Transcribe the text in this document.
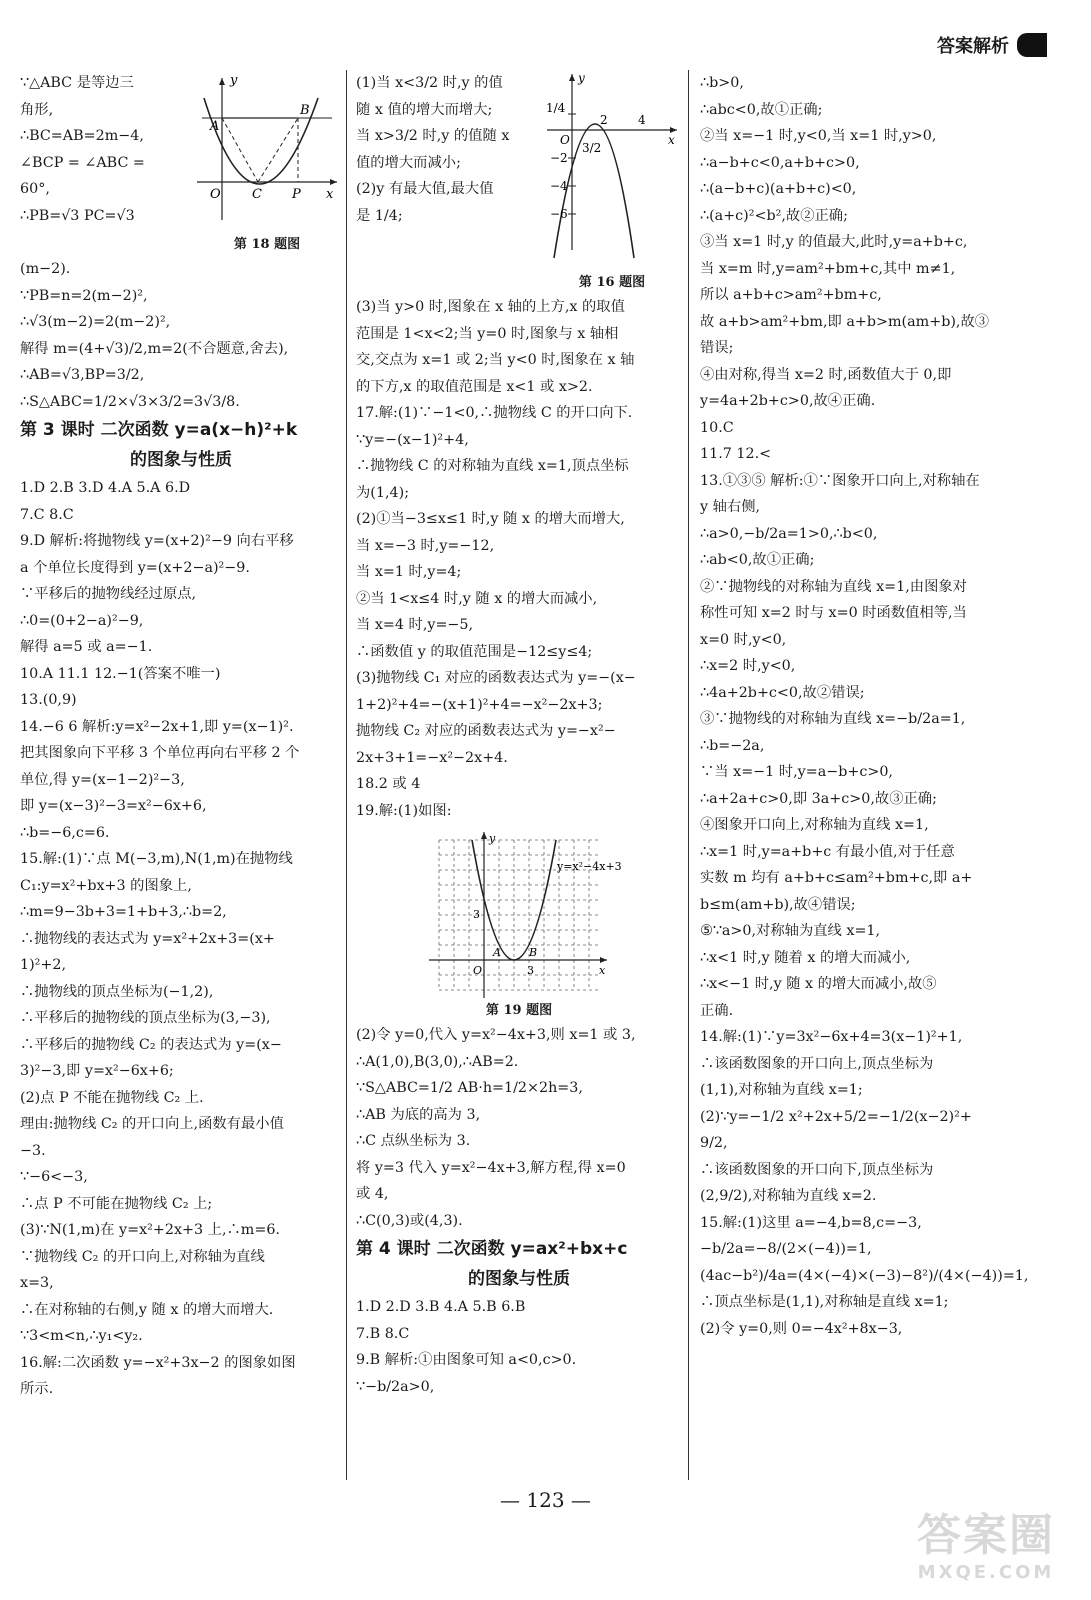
答案解析
∵△ABC 是等边三
角形,
∴BC=AB=2m−4,
∠BCP = ∠ABC =
60°,
∴PB=√3 PC=√3
y
A
B
O C P x
第 18 题图
(m−2).
∵PB=n=2(m−2)²,
∴√3(m−2)=2(m−2)²,
解得 m=(4+√3)/2,m=2(不合题意,舍去),
∴AB=√3,BP=3/2,
∴S△ABC=1/2×√3×3/2=3√3/8.
第 3 课时 二次函数 y=a(x−h)²+k
的图象与性质
1.D 2.B 3.D 4.A 5.A 6.D
7.C 8.C
9.D 解析:将抛物线 y=(x+2)²−9 向右平移
a 个单位长度得到 y=(x+2−a)²−9.
∵平移后的抛物线经过原点,
∴0=(0+2−a)²−9,
解得 a=5 或 a=−1.
10.A 11.1 12.−1(答案不唯一)
13.(0,9)
14.−6 6 解析:y=x²−2x+1,即 y=(x−1)².
把其图象向下平移 3 个单位再向右平移 2 个
单位,得 y=(x−1−2)²−3,
即 y=(x−3)²−3=x²−6x+6,
∴b=−6,c=6.
15.解:(1)∵点 M(−3,m),N(1,m)在抛物线
C₁:y=x²+bx+3 的图象上,
∴m=9−3b+3=1+b+3,∴b=2,
∴抛物线的表达式为 y=x²+2x+3=(x+
1)²+2,
∴抛物线的顶点坐标为(−1,2),
∴平移后的抛物线的顶点坐标为(3,−3),
∴平移后的抛物线 C₂ 的表达式为 y=(x−
3)²−3,即 y=x²−6x+6;
(2)点 P 不能在抛物线 C₂ 上.
理由:抛物线 C₂ 的开口向上,函数有最小值
−3.
∵−6<−3,
∴点 P 不可能在抛物线 C₂ 上;
(3)∵N(1,m)在 y=x²+2x+3 上,∴m=6.
∵抛物线 C₂ 的开口向上,对称轴为直线
x=3,
∴在对称轴的右侧,y 随 x 的增大而增大.
∵3<m<n,∴y₁<y₂.
16.解:二次函数 y=−x²+3x−2 的图象如图
所示.
(1)当 x<3/2 时,y 的值
随 x 值的增大而增大;
当 x>3/2 时,y 的值随 x
值的增大而减小;
(2)y 有最大值,最大值
是 1/4;
y
1/4
O
2	4
x
−2
3/2
−4
−6
第 16 题图
(3)当 y>0 时,图象在 x 轴的上方,x 的取值
范围是 1<x<2;当 y=0 时,图象与 x 轴相
交,交点为 x=1 或 2;当 y<0 时,图象在 x 轴
的下方,x 的取值范围是 x<1 或 x>2.
17.解:(1)∵−1<0,∴抛物线 C 的开口向下.
∵y=−(x−1)²+4,
∴抛物线 C 的对称轴为直线 x=1,顶点坐标
为(1,4);
(2)①当−3≤x≤1 时,y 随 x 的增大而增大,
当 x=−3 时,y=−12,
当 x=1 时,y=4;
②当 1<x≤4 时,y 随 x 的增大而减小,
当 x=4 时,y=−5,
∴函数值 y 的取值范围是−12≤y≤4;
(3)抛物线 C₁ 对应的函数表达式为 y=−(x−
1+2)²+4=−(x+1)²+4=−x²−2x+3;
抛物线 C₂ 对应的函数表达式为 y=−x²−
2x+3+1=−x²−2x+4.
18.2 或 4
19.解:(1)如图:
y
y=x²−4x+3
3
O
A	B
3	x
第 19 题图
(2)令 y=0,代入 y=x²−4x+3,则 x=1 或 3,
∴A(1,0),B(3,0),∴AB=2.
∵S△ABC=1/2 AB·h=1/2×2h=3,
∴AB 为底的高为 3,
∴C 点纵坐标为 3.
将 y=3 代入 y=x²−4x+3,解方程,得 x=0
或 4,
∴C(0,3)或(4,3).
第 4 课时 二次函数 y=ax²+bx+c
的图象与性质
1.D 2.D 3.B 4.A 5.B 6.B
7.B 8.C
9.B 解析:①由图象可知 a<0,c>0.
∵−b/2a>0,
∴b>0,
∴abc<0,故①正确;
②当 x=−1 时,y<0,当 x=1 时,y>0,
∴a−b+c<0,a+b+c>0,
∴(a−b+c)(a+b+c)<0,
∴(a+c)²<b²,故②正确;
③当 x=1 时,y 的值最大,此时,y=a+b+c,
当 x=m 时,y=am²+bm+c,其中 m≠1,
所以 a+b+c>am²+bm+c,
故 a+b>am²+bm,即 a+b>m(am+b),故③
错误;
④由对称,得当 x=2 时,函数值大于 0,即
y=4a+2b+c>0,故④正确.
10.C
11.7 12.<
13.①③⑤ 解析:①∵图象开口向上,对称轴在
y 轴右侧,
∴a>0,−b/2a=1>0,∴b<0,
∴ab<0,故①正确;
②∵抛物线的对称轴为直线 x=1,由图象对
称性可知 x=2 时与 x=0 时函数值相等,当
x=0 时,y<0,
∴x=2 时,y<0,
∴4a+2b+c<0,故②错误;
③∵抛物线的对称轴为直线 x=−b/2a=1,
∴b=−2a,
∵当 x=−1 时,y=a−b+c>0,
∴a+2a+c>0,即 3a+c>0,故③正确;
④图象开口向上,对称轴为直线 x=1,
∴x=1 时,y=a+b+c 有最小值,对于任意
实数 m 均有 a+b+c≤am²+bm+c,即 a+
b≤m(am+b),故④错误;
⑤∵a>0,对称轴为直线 x=1,
∴x<1 时,y 随着 x 的增大而减小,
∴x<−1 时,y 随 x 的增大而减小,故⑤
正确.
14.解:(1)∵y=3x²−6x+4=3(x−1)²+1,
∴该函数图象的开口向上,顶点坐标为
(1,1),对称轴为直线 x=1;
(2)∵y=−1/2 x²+2x+5/2=−1/2(x−2)²+
9/2,
∴该函数图象的开口向下,顶点坐标为
(2,9/2),对称轴为直线 x=2.
15.解:(1)这里 a=−4,b=8,c=−3,
−b/2a=−8/(2×(−4))=1,
(4ac−b²)/4a=(4×(−4)×(−3)−8²)/(4×(−4))=1,
∴顶点坐标是(1,1),对称轴是直线 x=1;
(2)令 y=0,则 0=−4x²+8x−3,
— 123 —
答案圈
MXQE.COM
